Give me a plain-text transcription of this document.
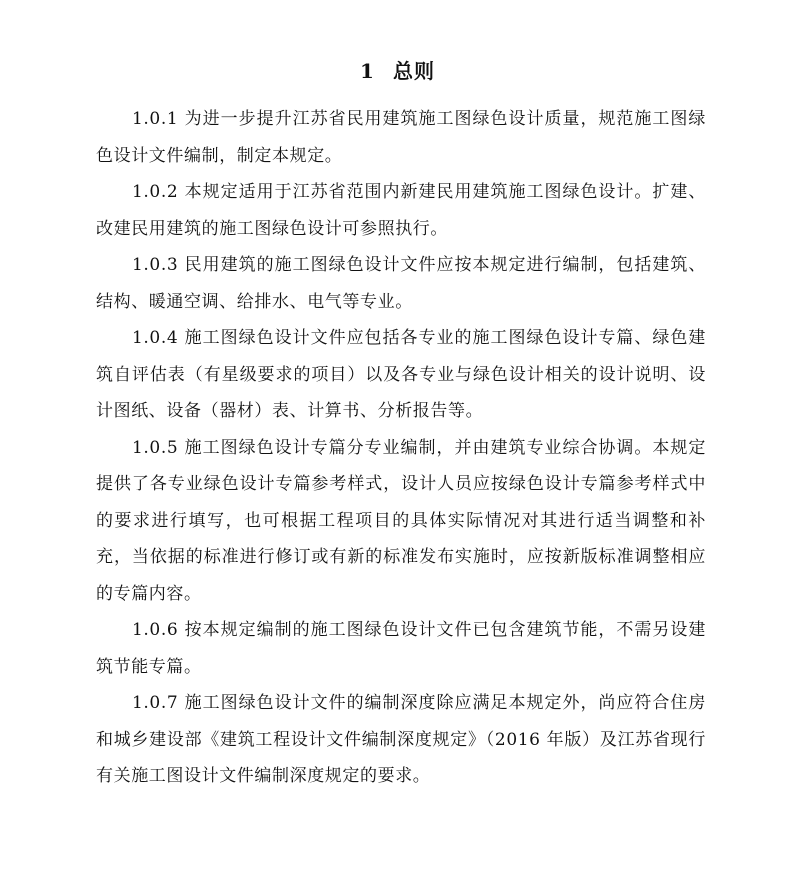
1 总则

1.0.1 为进一步提升江苏省民用建筑施工图绿色设计质量，规范施工图绿色设计文件编制，制定本规定。

1.0.2 本规定适用于江苏省范围内新建民用建筑施工图绿色设计。扩建、改建民用建筑的施工图绿色设计可参照执行。

1.0.3 民用建筑的施工图绿色设计文件应按本规定进行编制，包括建筑、结构、暖通空调、给排水、电气等专业。

1.0.4 施工图绿色设计文件应包括各专业的施工图绿色设计专篇、绿色建筑自评估表（有星级要求的项目）以及各专业与绿色设计相关的设计说明、设计图纸、设备（器材）表、计算书、分析报告等。

1.0.5 施工图绿色设计专篇分专业编制，并由建筑专业综合协调。本规定提供了各专业绿色设计专篇参考样式，设计人员应按绿色设计专篇参考样式中的要求进行填写，也可根据工程项目的具体实际情况对其进行适当调整和补充，当依据的标准进行修订或有新的标准发布实施时，应按新版标准调整相应的专篇内容。

1.0.6 按本规定编制的施工图绿色设计文件已包含建筑节能，不需另设建筑节能专篇。

1.0.7 施工图绿色设计文件的编制深度除应满足本规定外，尚应符合住房和城乡建设部《建筑工程设计文件编制深度规定》（2016 年版）及江苏省现行有关施工图设计文件编制深度规定的要求。
